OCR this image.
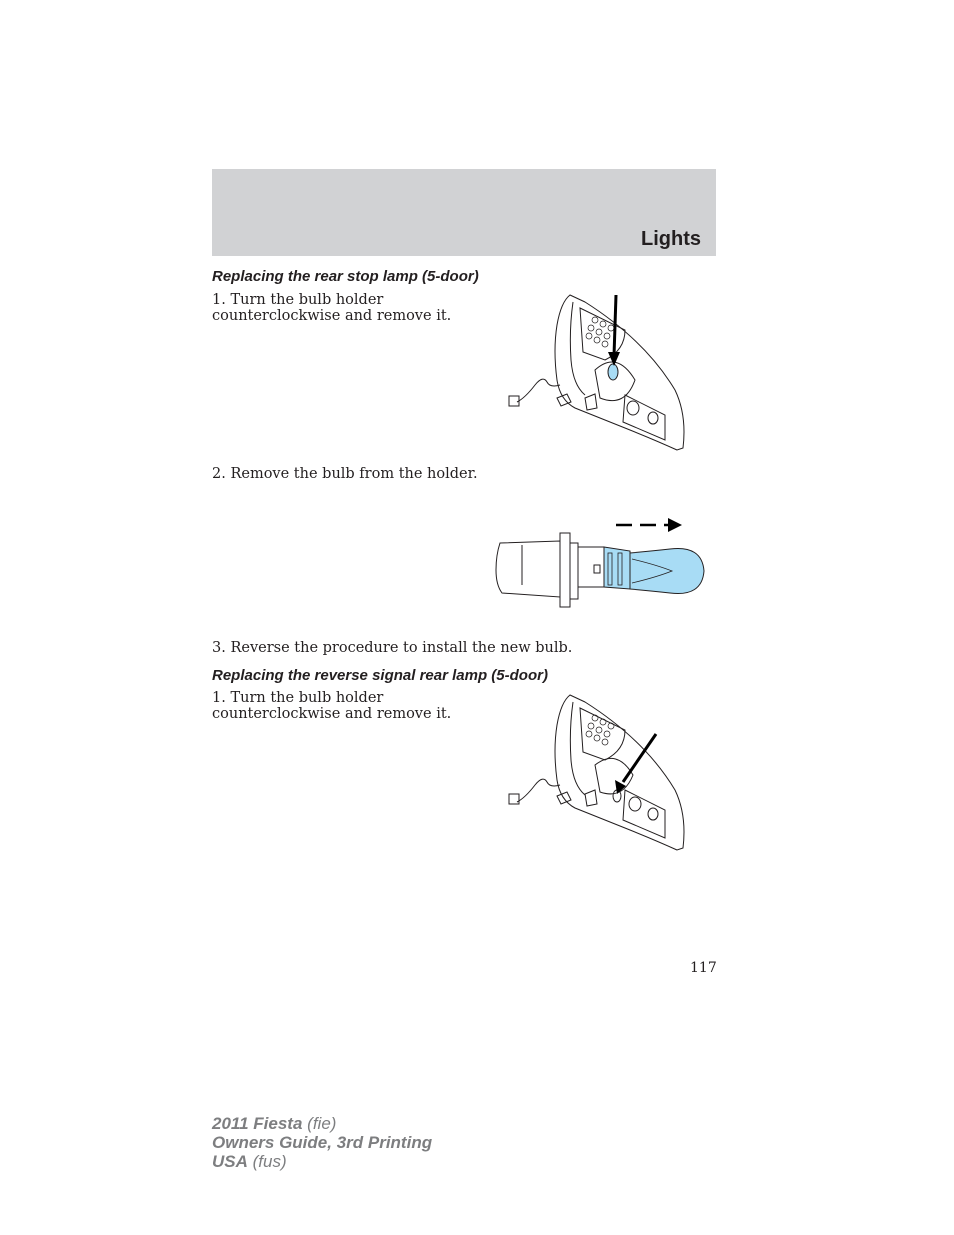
Lights
Replacing the rear stop lamp (5-door)
1. Turn the bulb holder
counterclockwise and remove it.
2. Remove the bulb from the holder.
3. Reverse the procedure to install the new bulb.
Replacing the reverse signal rear lamp (5-door)
1. Turn the bulb holder
counterclockwise and remove it.
117
2011 Fiesta (fie)
Owners Guide, 3rd Printing
USA (fus)
